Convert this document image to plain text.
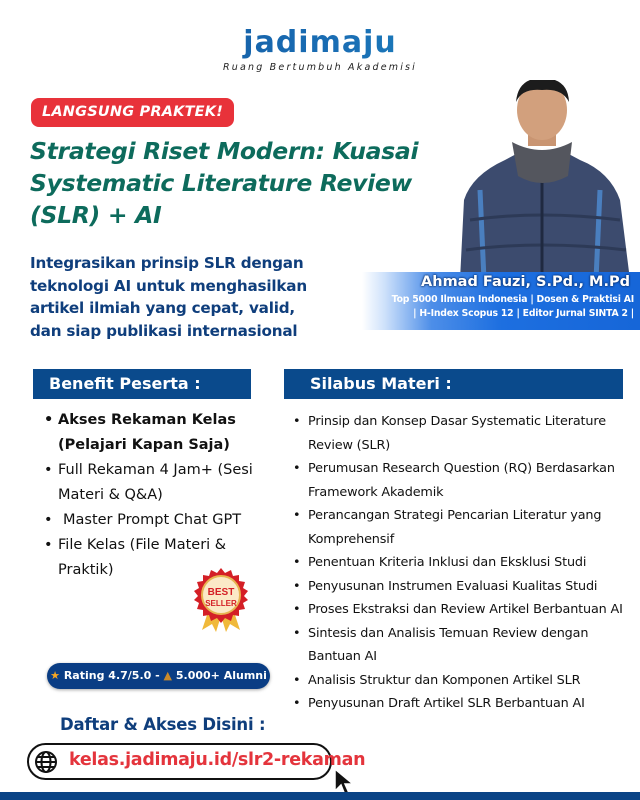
jadimaju
Ruang Bertumbuh Akademisi
LANGSUNG PRAKTEK!
Strategi Riset Modern: Kuasai
Systematic Literature Review
(SLR) + AI
Integrasikan prinsip SLR dengan
teknologi AI untuk menghasilkan
artikel ilmiah yang cepat, valid,
dan siap publikasi internasional
Ahmad Fauzi, S.Pd., M.Pd
Top 5000 Ilmuan Indonesia | Dosen & Praktisi AI
| H-Index Scopus 12 | Editor Jurnal SINTA 2 |
Benefit Peserta :
• Akses Rekaman Kelas (Pelajari Kapan Saja)
• Full Rekaman 4 Jam+ (Sesi Materi & Q&A)
• Master Prompt Chat GPT
• File Kelas (File Materi & Praktik)
BEST
SELLER
★ Rating 4.7/5.0 - ▲ 5.000+ Alumni
Silabus Materi :
• Prinsip dan Konsep Dasar Systematic Literature Review (SLR)
• Perumusan Research Question (RQ) Berdasarkan Framework Akademik
• Perancangan Strategi Pencarian Literatur yang Komprehensif
• Penentuan Kriteria Inklusi dan Eksklusi Studi
• Penyusunan Instrumen Evaluasi Kualitas Studi
• Proses Ekstraksi dan Review Artikel Berbantuan AI
• Sintesis dan Analisis Temuan Review dengan Bantuan AI
• Analisis Struktur dan Komponen Artikel SLR
• Penyusunan Draft Artikel SLR Berbantuan AI
Daftar & Akses Disini :
kelas.jadimaju.id/slr2-rekaman
